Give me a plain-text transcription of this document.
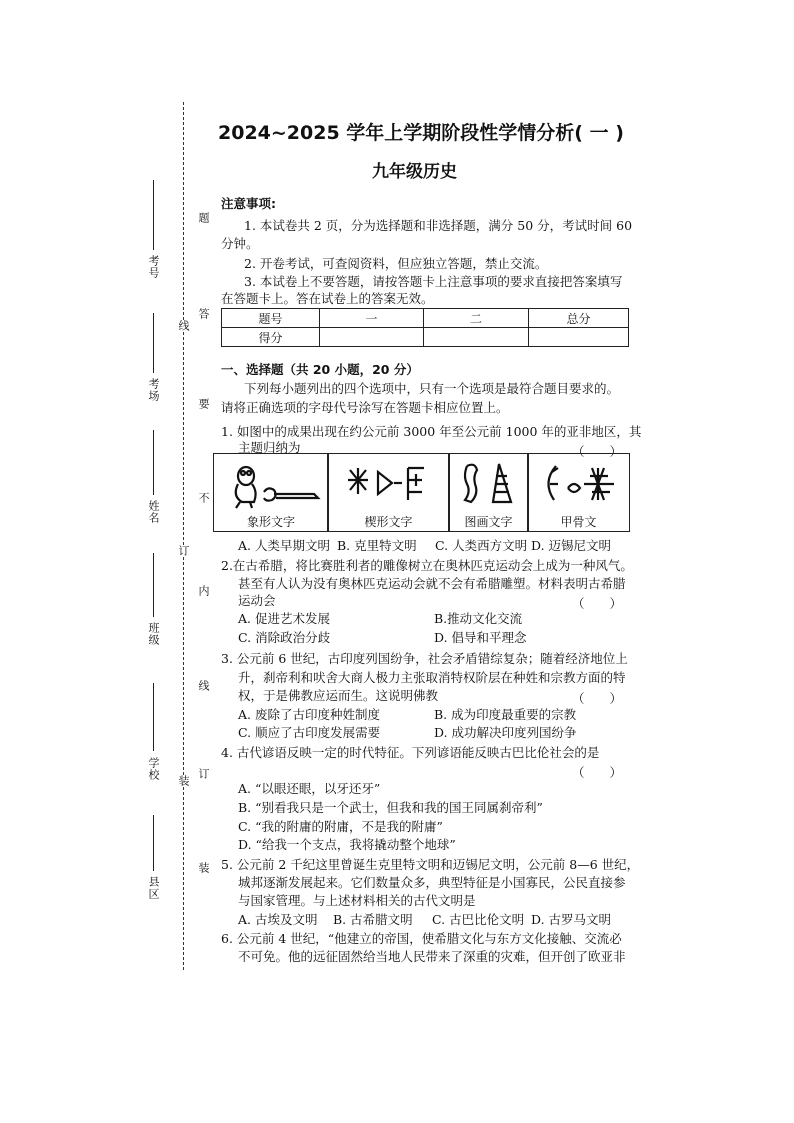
考号
考场
姓名
班级
学校
县区
线
订
装
题
答
要
不
内
线
订
装
2024~2025 学年上学期阶段性学情分析( 一 )
九年级历史
注意事项:
1. 本试卷共 2 页，分为选择题和非选择题，满分 50 分，考试时间 60
分钟。
2. 开卷考试，可查阅资料，但应独立答题，禁止交流。
3. 本试卷上不要答题，请按答题卡上注意事项的要求直接把答案填写
在答题卡上。答在试卷上的答案无效。
题号	一	二	总分
得分			
一、选择题（共 20 小题，20 分）
下列每小题列出的四个选项中，只有一个选项是最符合题目要求的。
请将正确选项的字母代号涂写在答题卡相应位置上。
1. 如图中的成果出现在约公元前 3000 年至公元前 1000 年的亚非地区，其
主题归纳为	（　　）
象形文字	楔形文字	图画文字	甲骨文
A. 人类早期文明 B. 克里特文明 C. 人类西方文明 D. 迈锡尼文明
2.在古希腊，将比赛胜利者的雕像树立在奥林匹克运动会上成为一种风气。
甚至有人认为没有奥林匹克运动会就不会有希腊雕塑。材料表明古希腊
运动会	（　　）
A. 促进艺术发展	B.推动文化交流
C. 消除政治分歧	D. 倡导和平理念
3. 公元前 6 世纪，古印度列国纷争，社会矛盾错综复杂；随着经济地位上
升，刹帝利和吠舍大商人极力主张取消特权阶层在种姓和宗教方面的特
权，于是佛教应运而生。这说明佛教	（　　）
A. 废除了古印度种姓制度	B. 成为印度最重要的宗教
C. 顺应了古印度发展需要	D. 成功解决印度列国纷争
4. 古代谚语反映一定的时代特征。下列谚语能反映古巴比伦社会的是
（　　）
A. “以眼还眼，以牙还牙”
B. “别看我只是一个武士，但我和我的国王同属刹帝利”
C. “我的附庸的附庸，不是我的附庸”
D. “给我一个支点，我将撬动整个地球”
5. 公元前 2 千纪这里曾诞生克里特文明和迈锡尼文明，公元前 8—6 世纪，
城邦逐渐发展起来。它们数量众多，典型特征是小国寡民，公民直接参
与国家管理。与上述材料相关的古代文明是
A. 古埃及文明 B. 古希腊文明 C. 古巴比伦文明 D. 古罗马文明
6. 公元前 4 世纪，“他建立的帝国，使希腊文化与东方文化接触、交流必
不可免。他的远征固然给当地人民带来了深重的灾难，但开创了欧亚非
